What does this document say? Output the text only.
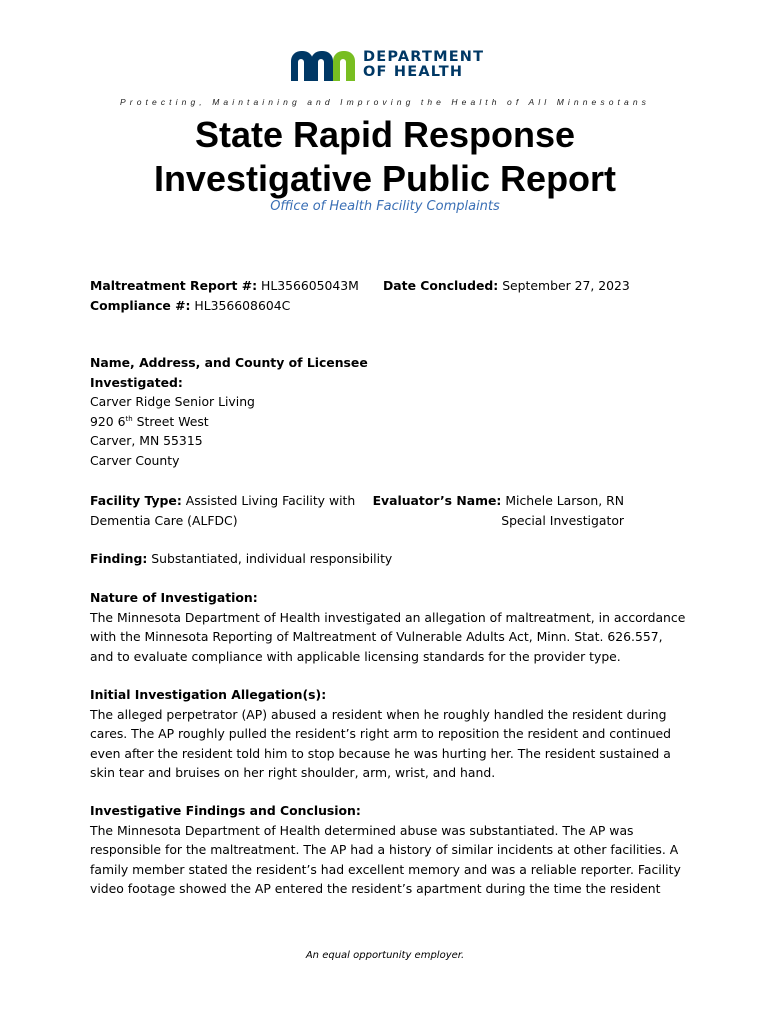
DEPARTMENT
OF HEALTH
Protecting, Maintaining and Improving the Health of All Minnesotans
State Rapid Response
Investigative Public Report
Office of Health Facility Complaints
Maltreatment Report #: HL356605043M
Compliance #: HL356608604C
Date Concluded: September 27, 2023
Name, Address, and County of Licensee
Investigated:
Carver Ridge Senior Living
920 6th Street West
Carver, MN 55315
Carver County
Facility Type: Assisted Living Facility with
Dementia Care (ALFDC)
Evaluator’s Name: Michele Larson, RN
Special Investigator
Finding: Substantiated, individual responsibility
Nature of Investigation:
The Minnesota Department of Health investigated an allegation of maltreatment, in accordance
with the Minnesota Reporting of Maltreatment of Vulnerable Adults Act, Minn. Stat. 626.557,
and to evaluate compliance with applicable licensing standards for the provider type.
Initial Investigation Allegation(s):
The alleged perpetrator (AP) abused a resident when he roughly handled the resident during
cares. The AP roughly pulled the resident’s right arm to reposition the resident and continued
even after the resident told him to stop because he was hurting her. The resident sustained a
skin tear and bruises on her right shoulder, arm, wrist, and hand.
Investigative Findings and Conclusion:
The Minnesota Department of Health determined abuse was substantiated. The AP was
responsible for the maltreatment. The AP had a history of similar incidents at other facilities. A
family member stated the resident’s had excellent memory and was a reliable reporter. Facility
video footage showed the AP entered the resident’s apartment during the time the resident
An equal opportunity employer.
